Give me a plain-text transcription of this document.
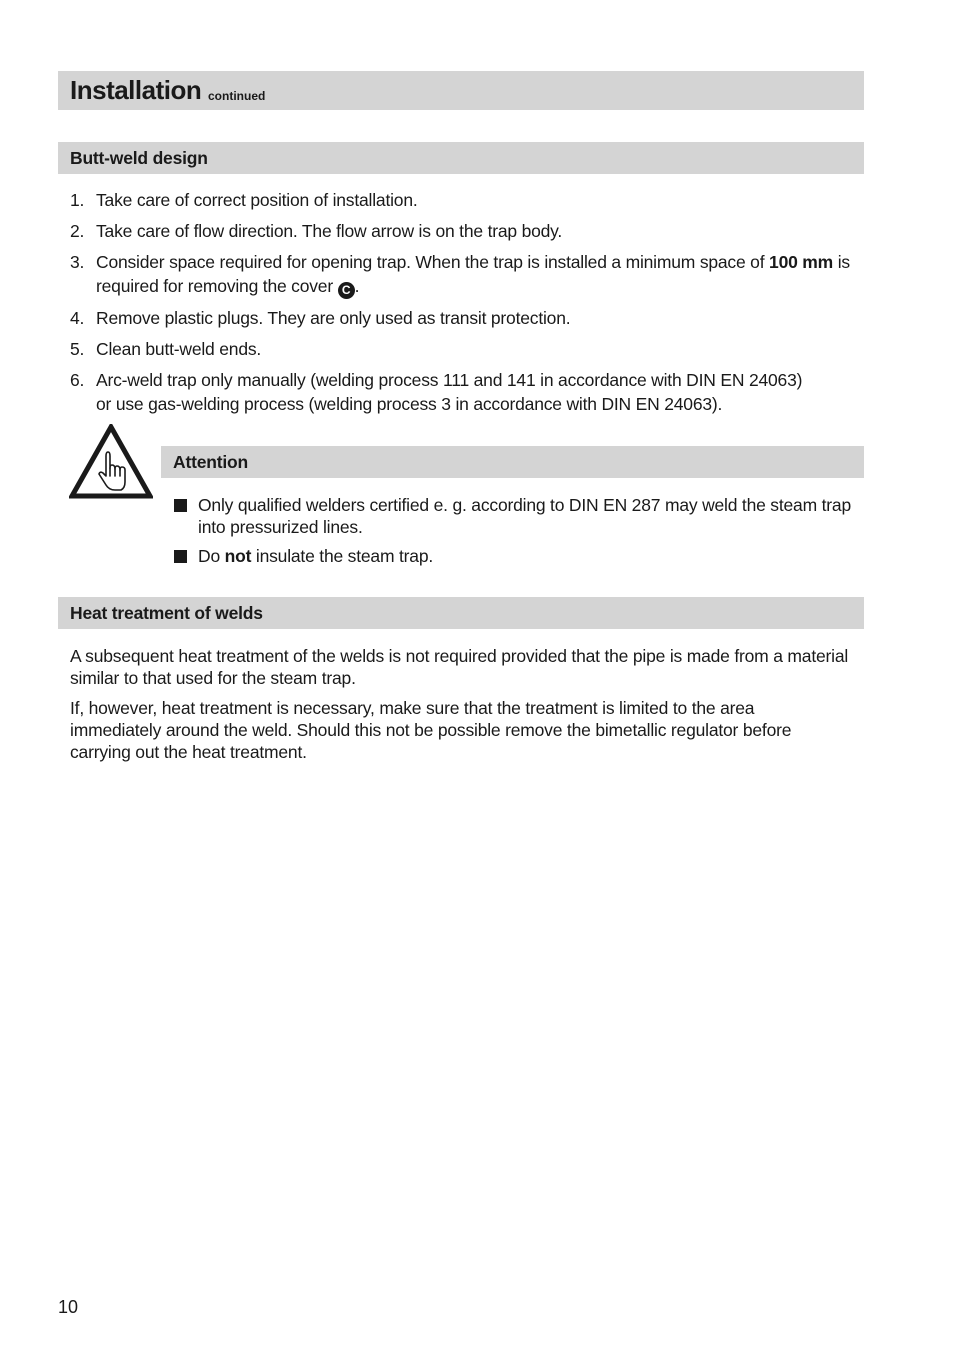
Installation continued
Butt-weld design
1. Take care of correct position of installation.
2. Take care of flow direction. The flow arrow is on the trap body.
3. Consider space required for opening trap. When the trap is installed a minimum space of 100 mm is required for removing the cover C .
4. Remove plastic plugs. They are only used as transit protection.
5. Clean butt-weld ends.
6. Arc-weld trap only manually (welding process 111 and 141 in accordance with DIN EN 24063)
or use gas-welding process (welding process 3 in accordance with DIN EN 24063).
Attention
Only qualified welders certified e. g. according to DIN EN 287 may weld the steam trap
into pressurized lines.
Do not insulate the steam trap.
Heat treatment of welds

A subsequent heat treatment of the welds is not required provided that the pipe is made from a material similar to that used for the steam trap.

If, however, heat treatment is necessary, make sure that the treatment is limited to the area immediately around the weld. Should this not be possible remove the bimetallic regulator before carrying out the heat treatment.

10
